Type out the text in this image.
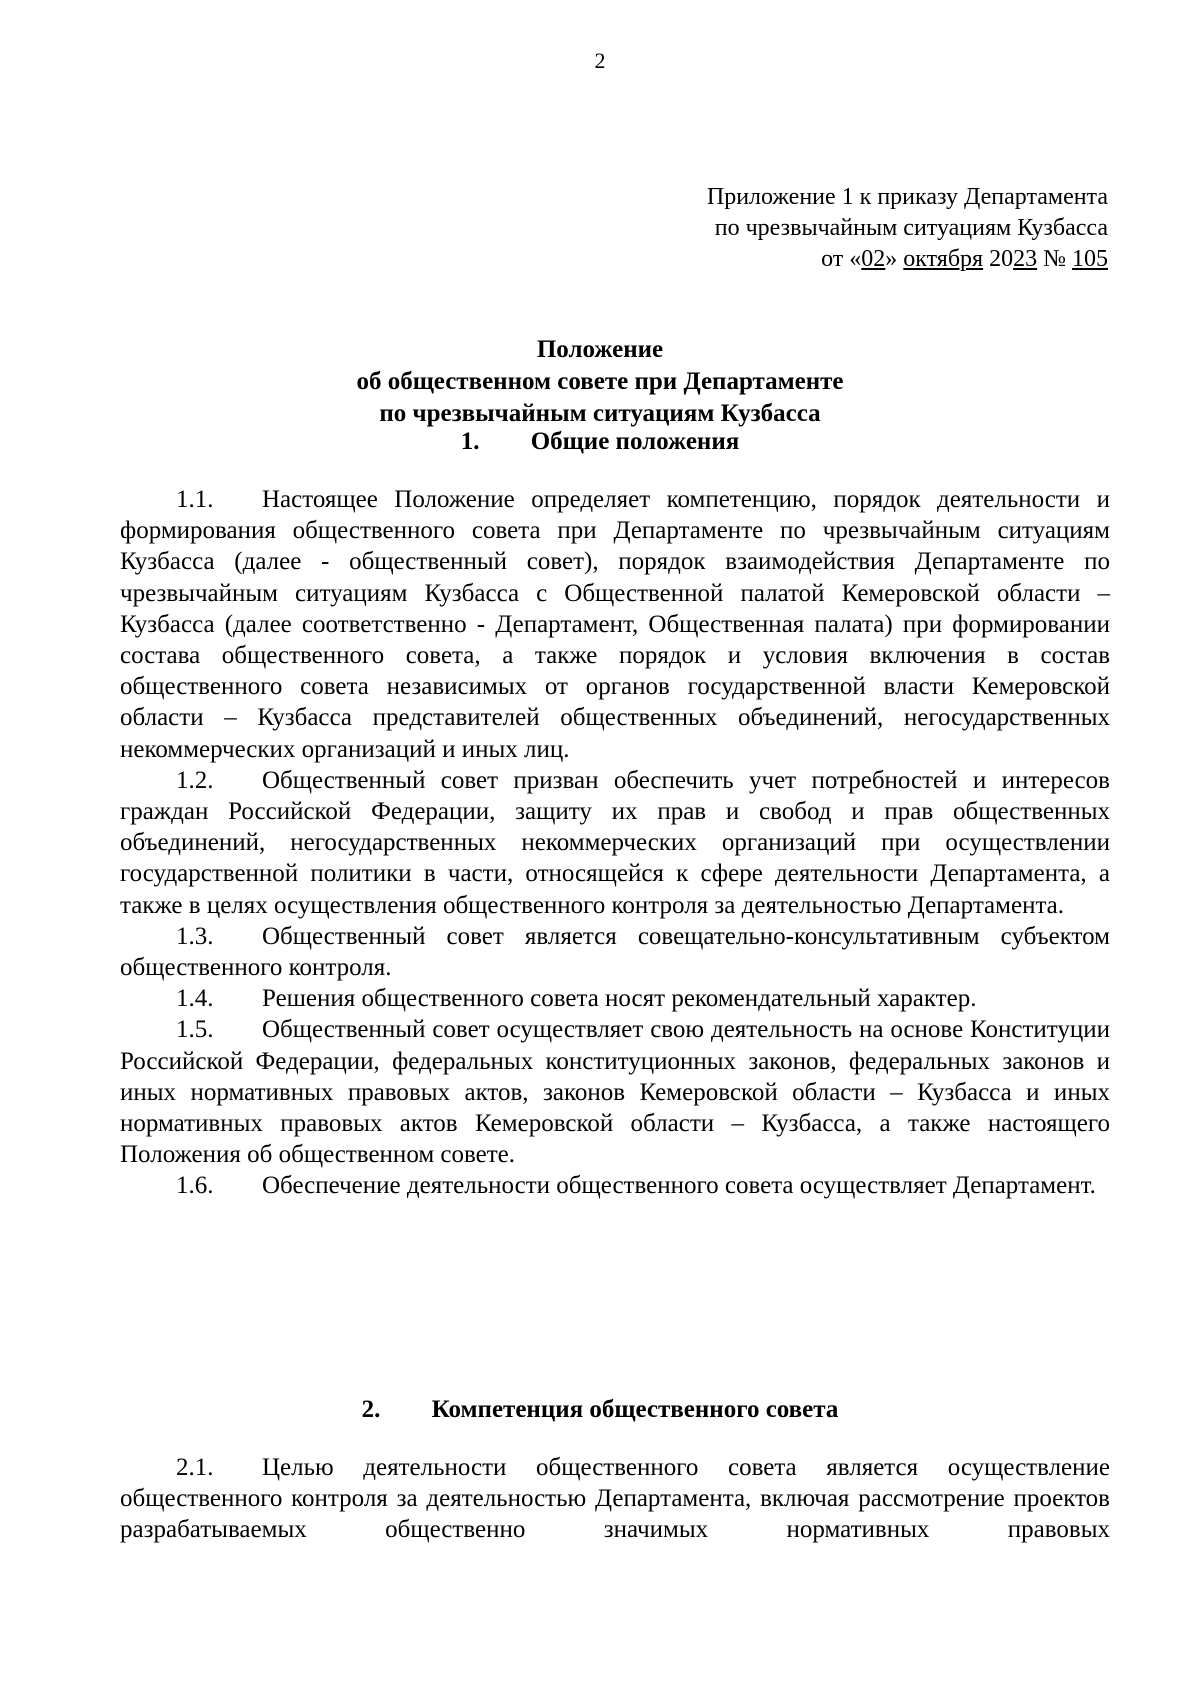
2
Приложение 1 к приказу Департамента
по чрезвычайным ситуациям Кузбасса
от «02» октября 2023 № 105
Положение
об общественном совете при Департаменте
по чрезвычайным ситуациям Кузбасса
1. Общие положения

1.1. Настоящее Положение определяет компетенцию, порядок деятельности и формирования общественного совета при Департаменте по чрезвычайным ситуациям Кузбасса (далее - общественный совет), порядок взаимодействия Департаменте по чрезвычайным ситуациям Кузбасса с Общественной палатой Кемеровской области – Кузбасса (далее соответственно - Департамент, Общественная палата) при формировании состава общественного совета, а также порядок и условия включения в состав общественного совета независимых от органов государственной власти Кемеровской области – Кузбасса представителей общественных объединений, негосударственных некоммерческих организаций и иных лиц.

1.2. Общественный совет призван обеспечить учет потребностей и интересов граждан Российской Федерации, защиту их прав и свобод и прав общественных объединений, негосударственных некоммерческих организаций при осуществлении государственной политики в части, относящейся к сфере деятельности Департамента, а также в целях осуществления общественного контроля за деятельностью Департамента.

1.3. Общественный совет является совещательно-консультативным субъектом общественного контроля.

1.4. Решения общественного совета носят рекомендательный характер.

1.5. Общественный совет осуществляет свою деятельность на основе Конституции Российской Федерации, федеральных конституционных законов, федеральных законов и иных нормативных правовых актов, законов Кемеровской области – Кузбасса и иных нормативных правовых актов Кемеровской области – Кузбасса, а также настоящего Положения об общественном совете.

1.6. Обеспечение деятельности общественного совета осуществляет Департамент.

2. Компетенция общественного совета

2.1. Целью деятельности общественного совета является осуществление общественного контроля за деятельностью Департамента, включая рассмотрение проектов разрабатываемых общественно значимых нормативных правовых
